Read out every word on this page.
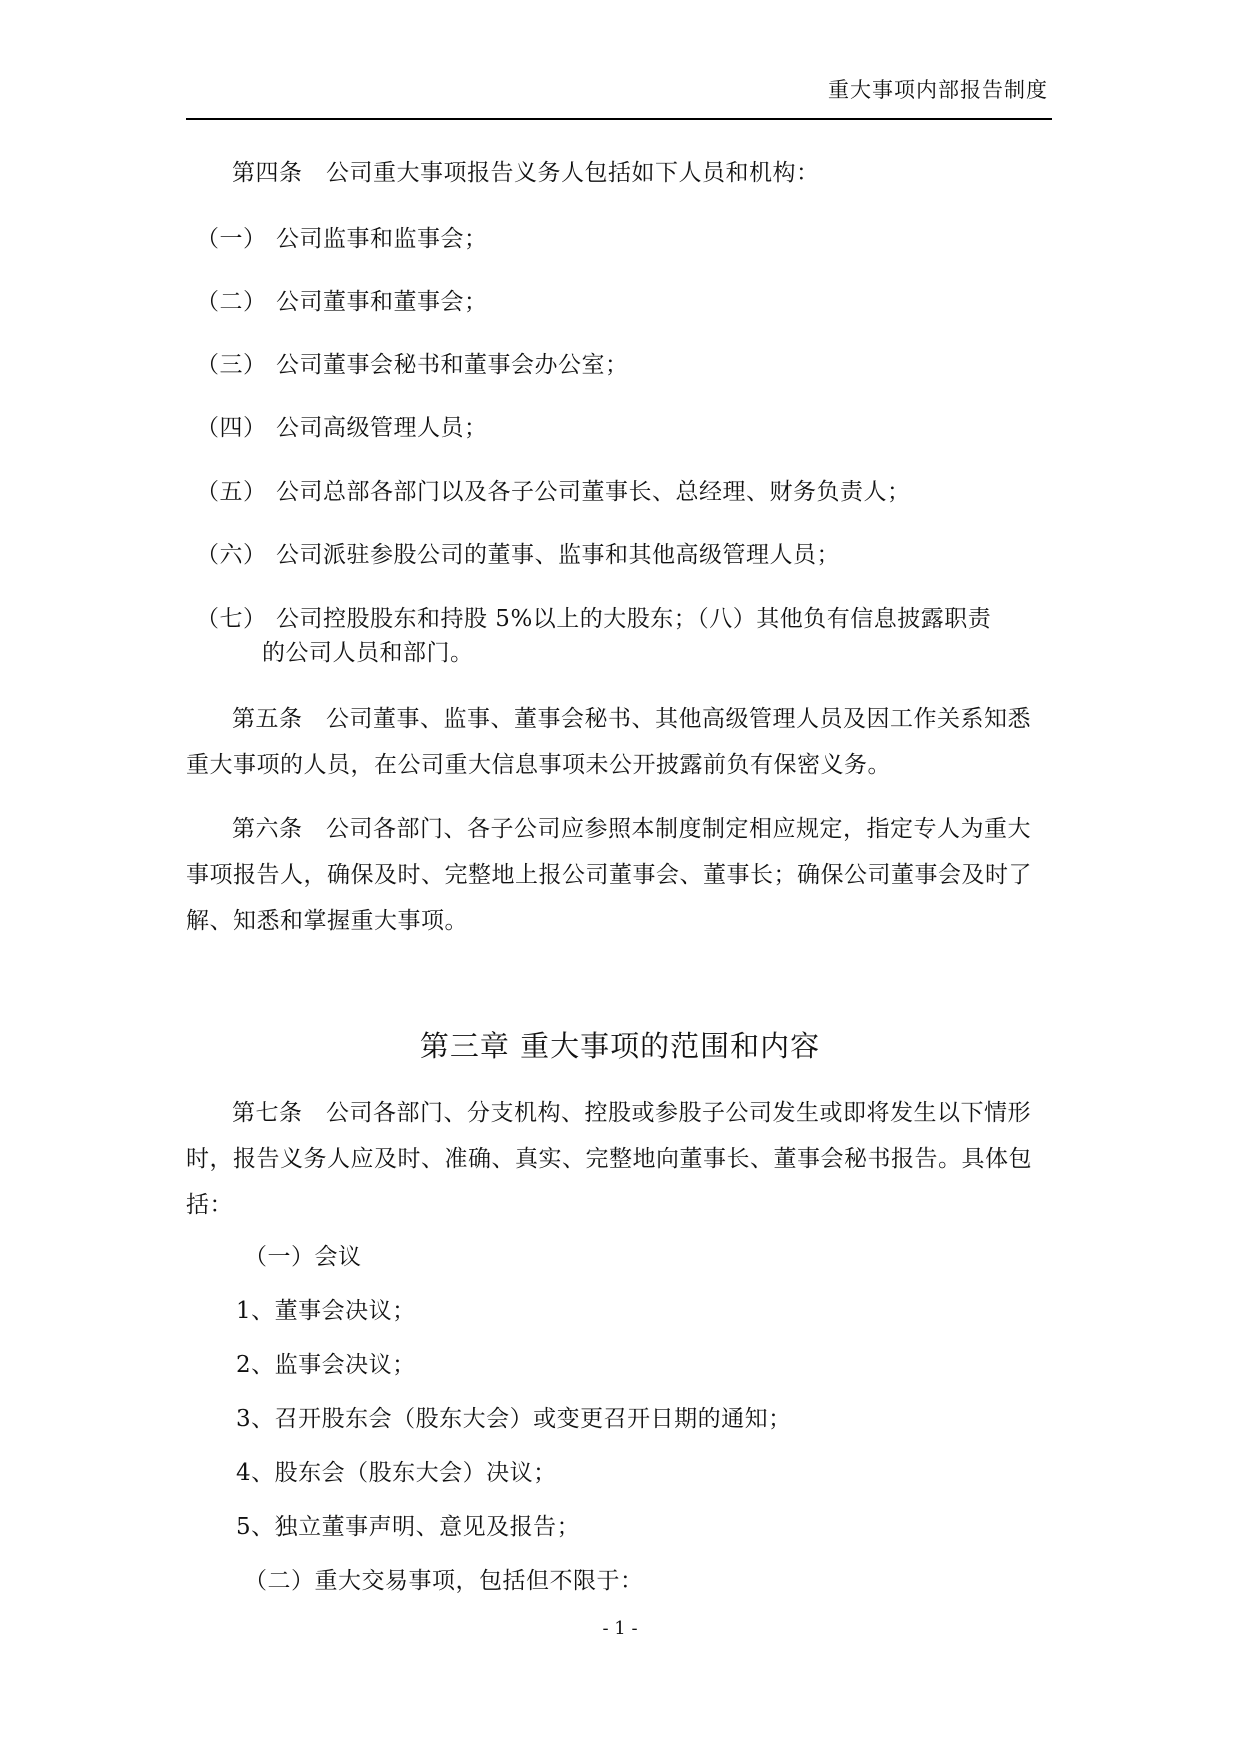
重大事项内部报告制度
第四条　公司重大事项报告义务人包括如下人员和机构：
（一） 公司监事和监事会；
（二） 公司董事和董事会；
（三） 公司董事会秘书和董事会办公室；
（四） 公司高级管理人员；
（五） 公司总部各部门以及各子公司董事长、总经理、财务负责人；
（六） 公司派驻参股公司的董事、监事和其他高级管理人员；
（七） 公司控股股东和持股 5%以上的大股东；（八）其他负有信息披露职责
的公司人员和部门。
第五条　公司董事、监事、董事会秘书、其他高级管理人员及因工作关系知悉重大事项的人员，在公司重大信息事项未公开披露前负有保密义务。
第六条　公司各部门、各子公司应参照本制度制定相应规定，指定专人为重大事项报告人，确保及时、完整地上报公司董事会、董事长；确保公司董事会及时了解、知悉和掌握重大事项。
第三章 重大事项的范围和内容
第七条　公司各部门、分支机构、控股或参股子公司发生或即将发生以下情形时，报告义务人应及时、准确、真实、完整地向董事长、董事会秘书报告。具体包括：
（一）会议
1、董事会决议；
2、监事会决议；
3、召开股东会（股东大会）或变更召开日期的通知；
4、股东会（股东大会）决议；
5、独立董事声明、意见及报告；
（二）重大交易事项，包括但不限于：
- 1 -
